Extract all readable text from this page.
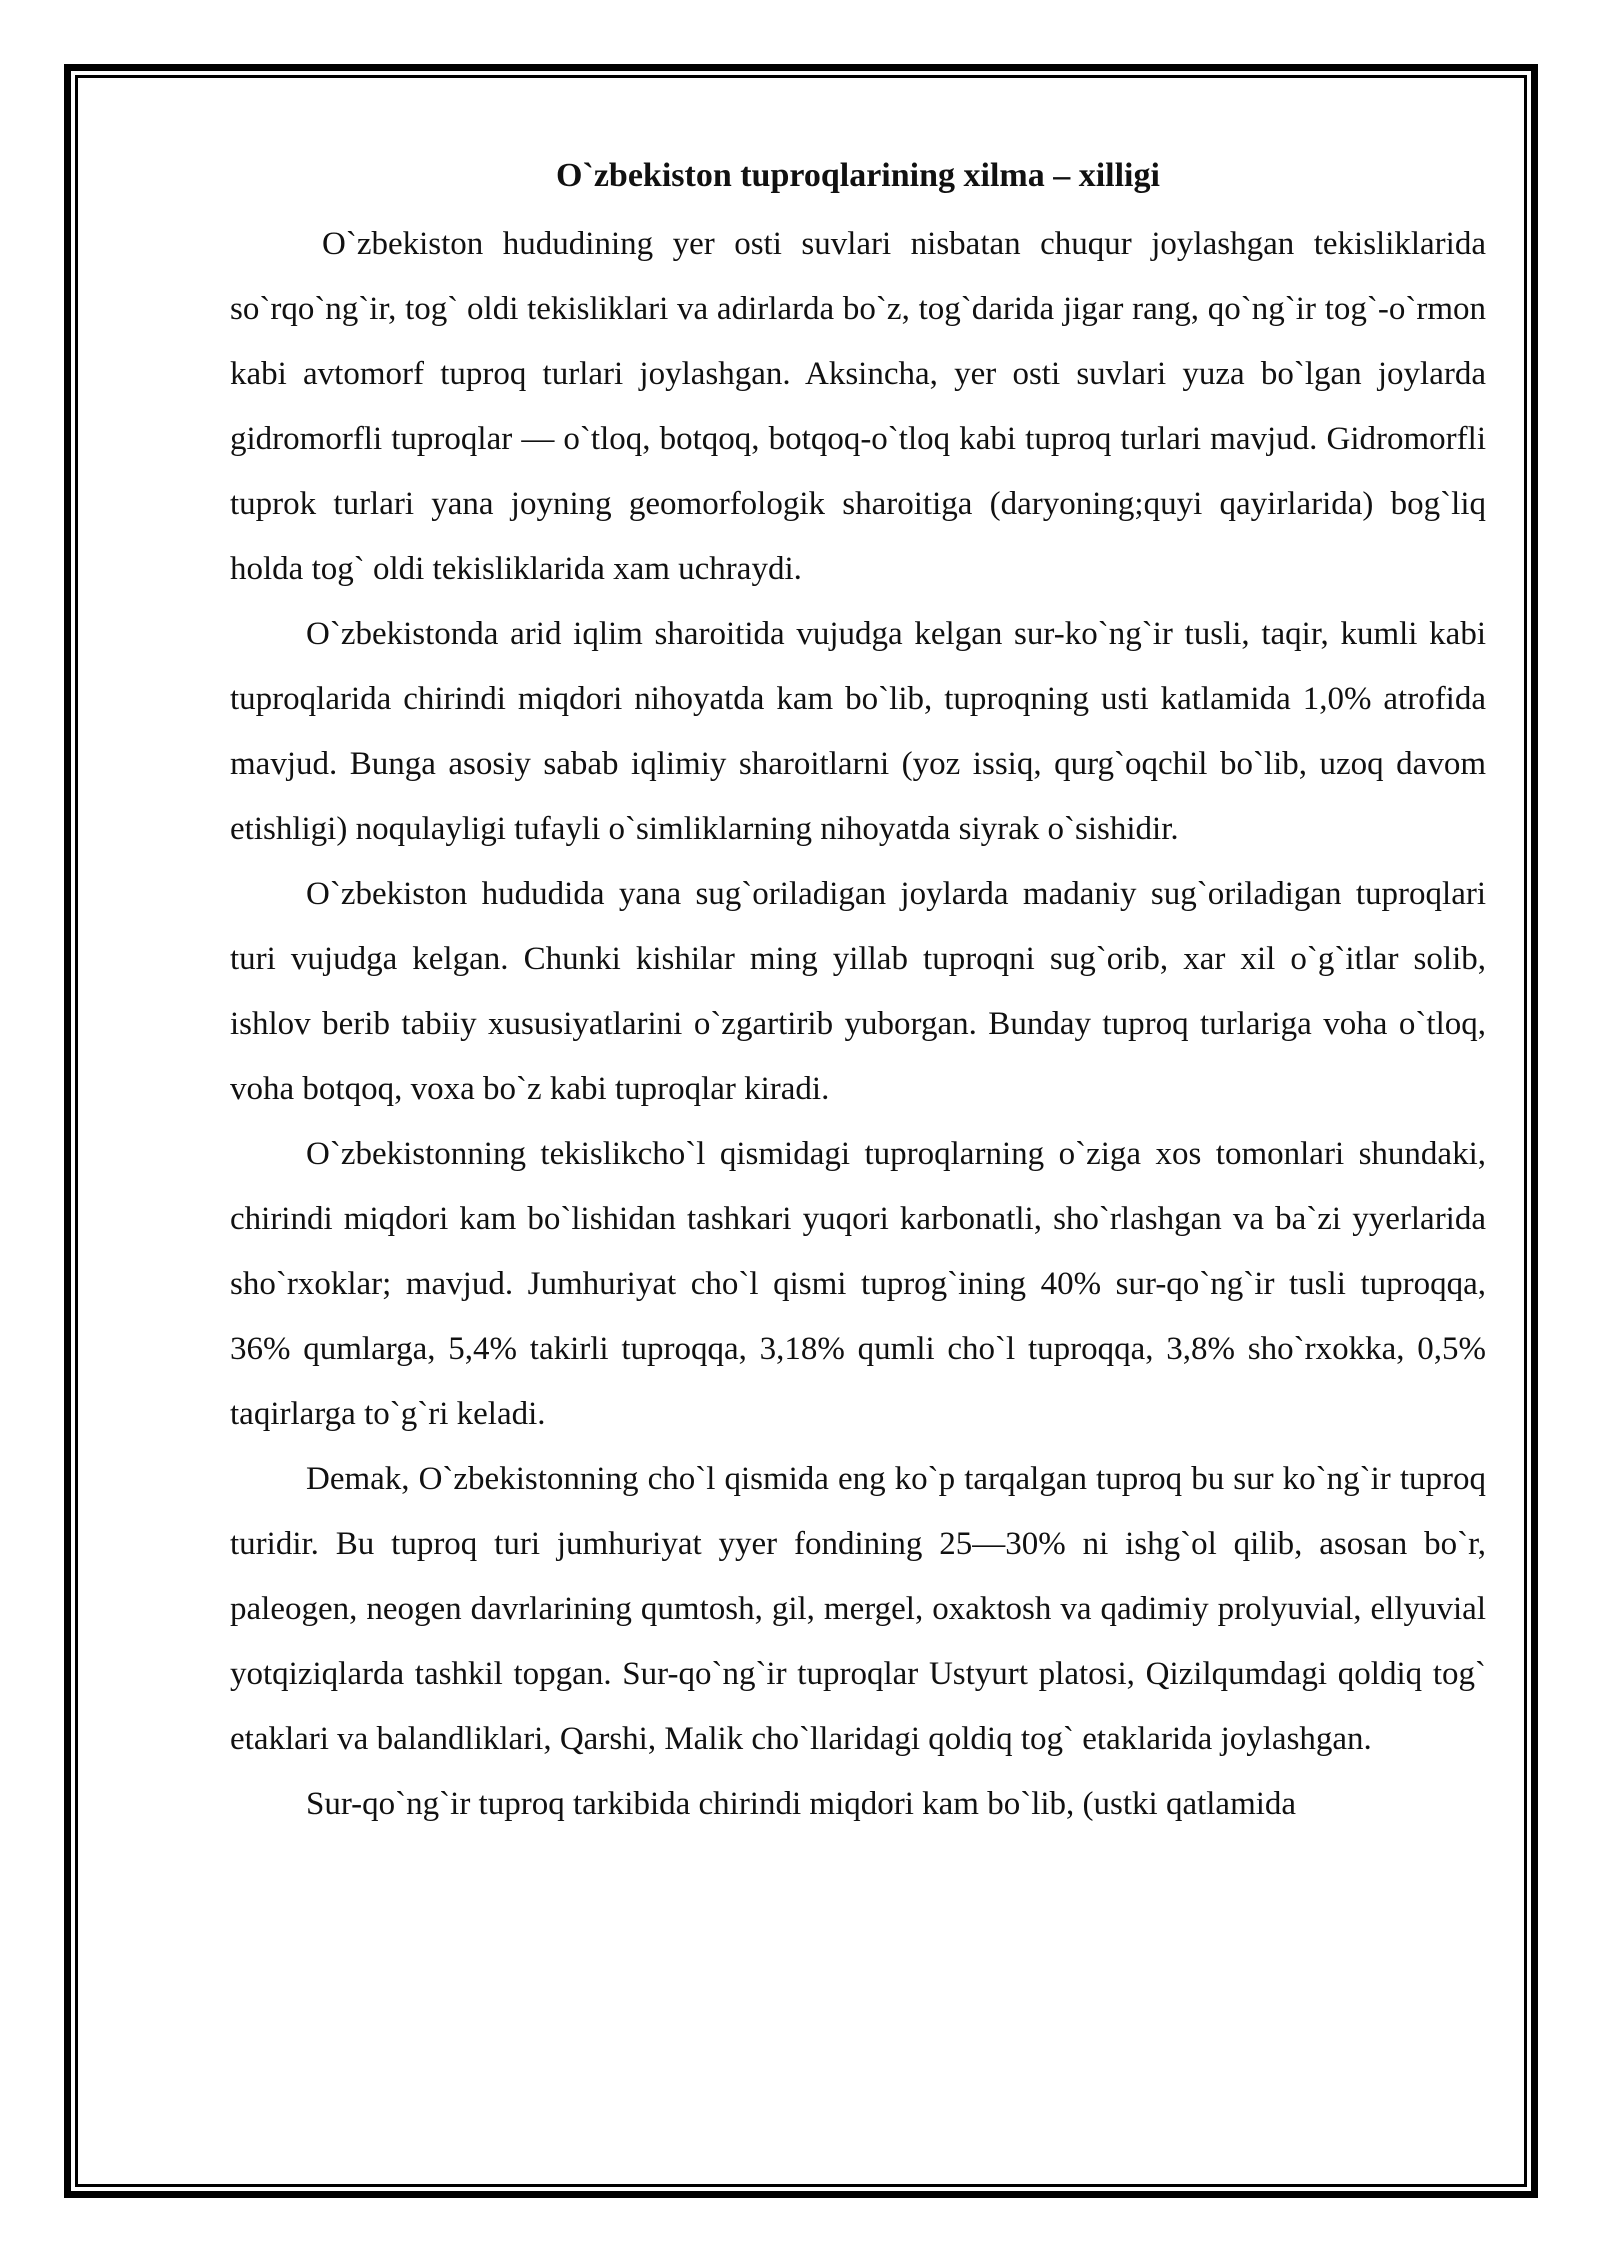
O`zbekiston tuproqlarining xilma – xilligi

O`zbekiston hududining yer osti suvlari nisbatan chuqur joylashgan tekisliklarida so`rqo`ng`ir, tog` oldi tekisliklari va adirlarda bo`z, tog`darida jigar rang, qo`ng`ir tog`-o`rmon kabi avtomorf tuproq turlari joylashgan. Aksincha, yer osti suvlari yuza bo`lgan joylarda gidromorfli tuproqlar — o`tloq, botqoq, botqoq-o`tloq kabi tuproq turlari mavjud. Gidromorfli tuprok turlari yana joyning geomorfologik sharoitiga (daryoning;quyi qayirlarida) bog`liq holda tog` oldi tekisliklarida xam uchraydi.

O`zbekistonda arid iqlim sharoitida vujudga kelgan sur-ko`ng`ir tusli, taqir, kumli kabi tuproqlarida chirindi miqdori nihoyatda kam bo`lib, tuproqning usti katlamida 1,0% atrofida mavjud. Bunga asosiy sabab iqlimiy sharoitlarni (yoz issiq, qurg`oqchil bo`lib, uzoq davom etishligi) noqulayligi tufayli o`simliklarning nihoyatda siyrak o`sishidir.

O`zbekiston hududida yana sug`oriladigan joylarda madaniy sug`oriladigan tuproqlari turi vujudga kelgan. Chunki kishilar ming yillab tuproqni sug`orib, xar xil o`g`itlar solib, ishlov berib tabiiy xususiyatlarini o`zgartirib yuborgan. Bunday tuproq turlariga voha o`tloq, voha botqoq, voxa bo`z kabi tuproqlar kiradi.

O`zbekistonning tekislikcho`l qismidagi tuproqlarning o`ziga xos tomonlari shundaki, chirindi miqdori kam bo`lishidan tashkari yuqori karbonatli, sho`rlashgan va ba`zi yyerlarida sho`rxoklar; mavjud. Jumhuriyat cho`l qismi tuprog`ining 40% sur-qo`ng`ir tusli tuproqqa, 36% qumlarga, 5,4% takirli tuproqqa, 3,18% qumli cho`l tuproqqa, 3,8% sho`rxokka, 0,5% taqirlarga to`g`ri keladi.

Demak, O`zbekistonning cho`l qismida eng ko`p tarqalgan tuproq bu sur ko`ng`ir tuproq turidir. Bu tuproq turi jumhuriyat yyer fondining 25—30% ni ishg`ol qilib, asosan bo`r, paleogen, neogen davrlarining qumtosh, gil, mergel, oxaktosh va qadimiy prolyuvial, ellyuvial yotqiziqlarda tashkil topgan. Sur-qo`ng`ir tuproqlar Ustyurt platosi, Qizilqumdagi qoldiq tog` etaklari va balandliklari, Qarshi, Malik cho`llaridagi qoldiq tog` etaklarida joylashgan.

Sur-qo`ng`ir tuproq tarkibida chirindi miqdori kam bo`lib, (ustki qatlamida
